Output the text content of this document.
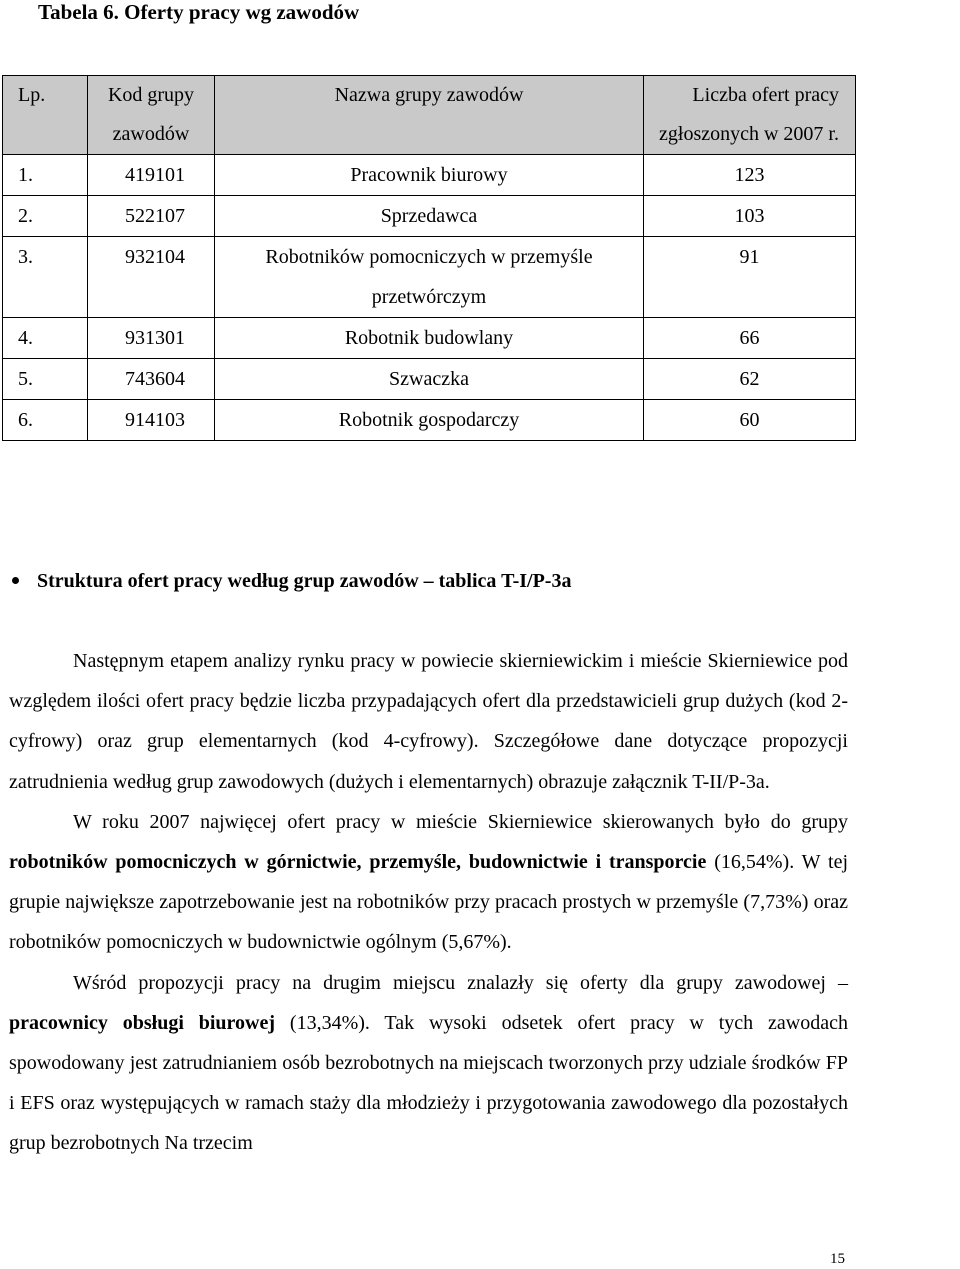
Tabela 6. Oferty pracy wg zawodów
Lp.	Kod grupy zawodów	Nazwa grupy zawodów	Liczba ofert pracy zgłoszonych w 2007 r.
1.	419101	Pracownik biurowy	123
2.	522107	Sprzedawca	103
3.	932104	Robotników pomocniczych w przemyśle przetwórczym	91
4.	931301	Robotnik budowlany	66
5.	743604	Szwaczka	62
6.	914103	Robotnik gospodarczy	60
Struktura ofert pracy według grup zawodów – tablica T-I/P-3a

Następnym etapem analizy rynku pracy w powiecie skierniewickim i mieście Skierniewice pod względem ilości ofert pracy będzie liczba przypadających ofert dla przedstawicieli grup dużych (kod 2-cyfrowy) oraz grup elementarnych (kod 4-cyfrowy). Szczegółowe dane dotyczące propozycji zatrudnienia według grup zawodowych (dużych i elementarnych) obrazuje załącznik T-II/P-3a.

W roku 2007 najwięcej ofert pracy w mieście Skierniewice skierowanych było do grupy robotników pomocniczych w górnictwie, przemyśle, budownictwie i transporcie (16,54%). W tej grupie największe zapotrzebowanie jest na robotników przy pracach prostych w przemyśle (7,73%) oraz robotników pomocniczych w budownictwie ogólnym (5,67%).

Wśród propozycji pracy na drugim miejscu znalazły się oferty dla grupy zawodowej – pracownicy obsługi biurowej (13,34%). Tak wysoki odsetek ofert pracy w tych zawodach spowodowany jest zatrudnianiem osób bezrobotnych na miejscach tworzonych przy udziale środków FP i EFS oraz występujących w ramach staży dla młodzieży i przygotowania zawodowego dla pozostałych grup bezrobotnych Na trzecim

15
